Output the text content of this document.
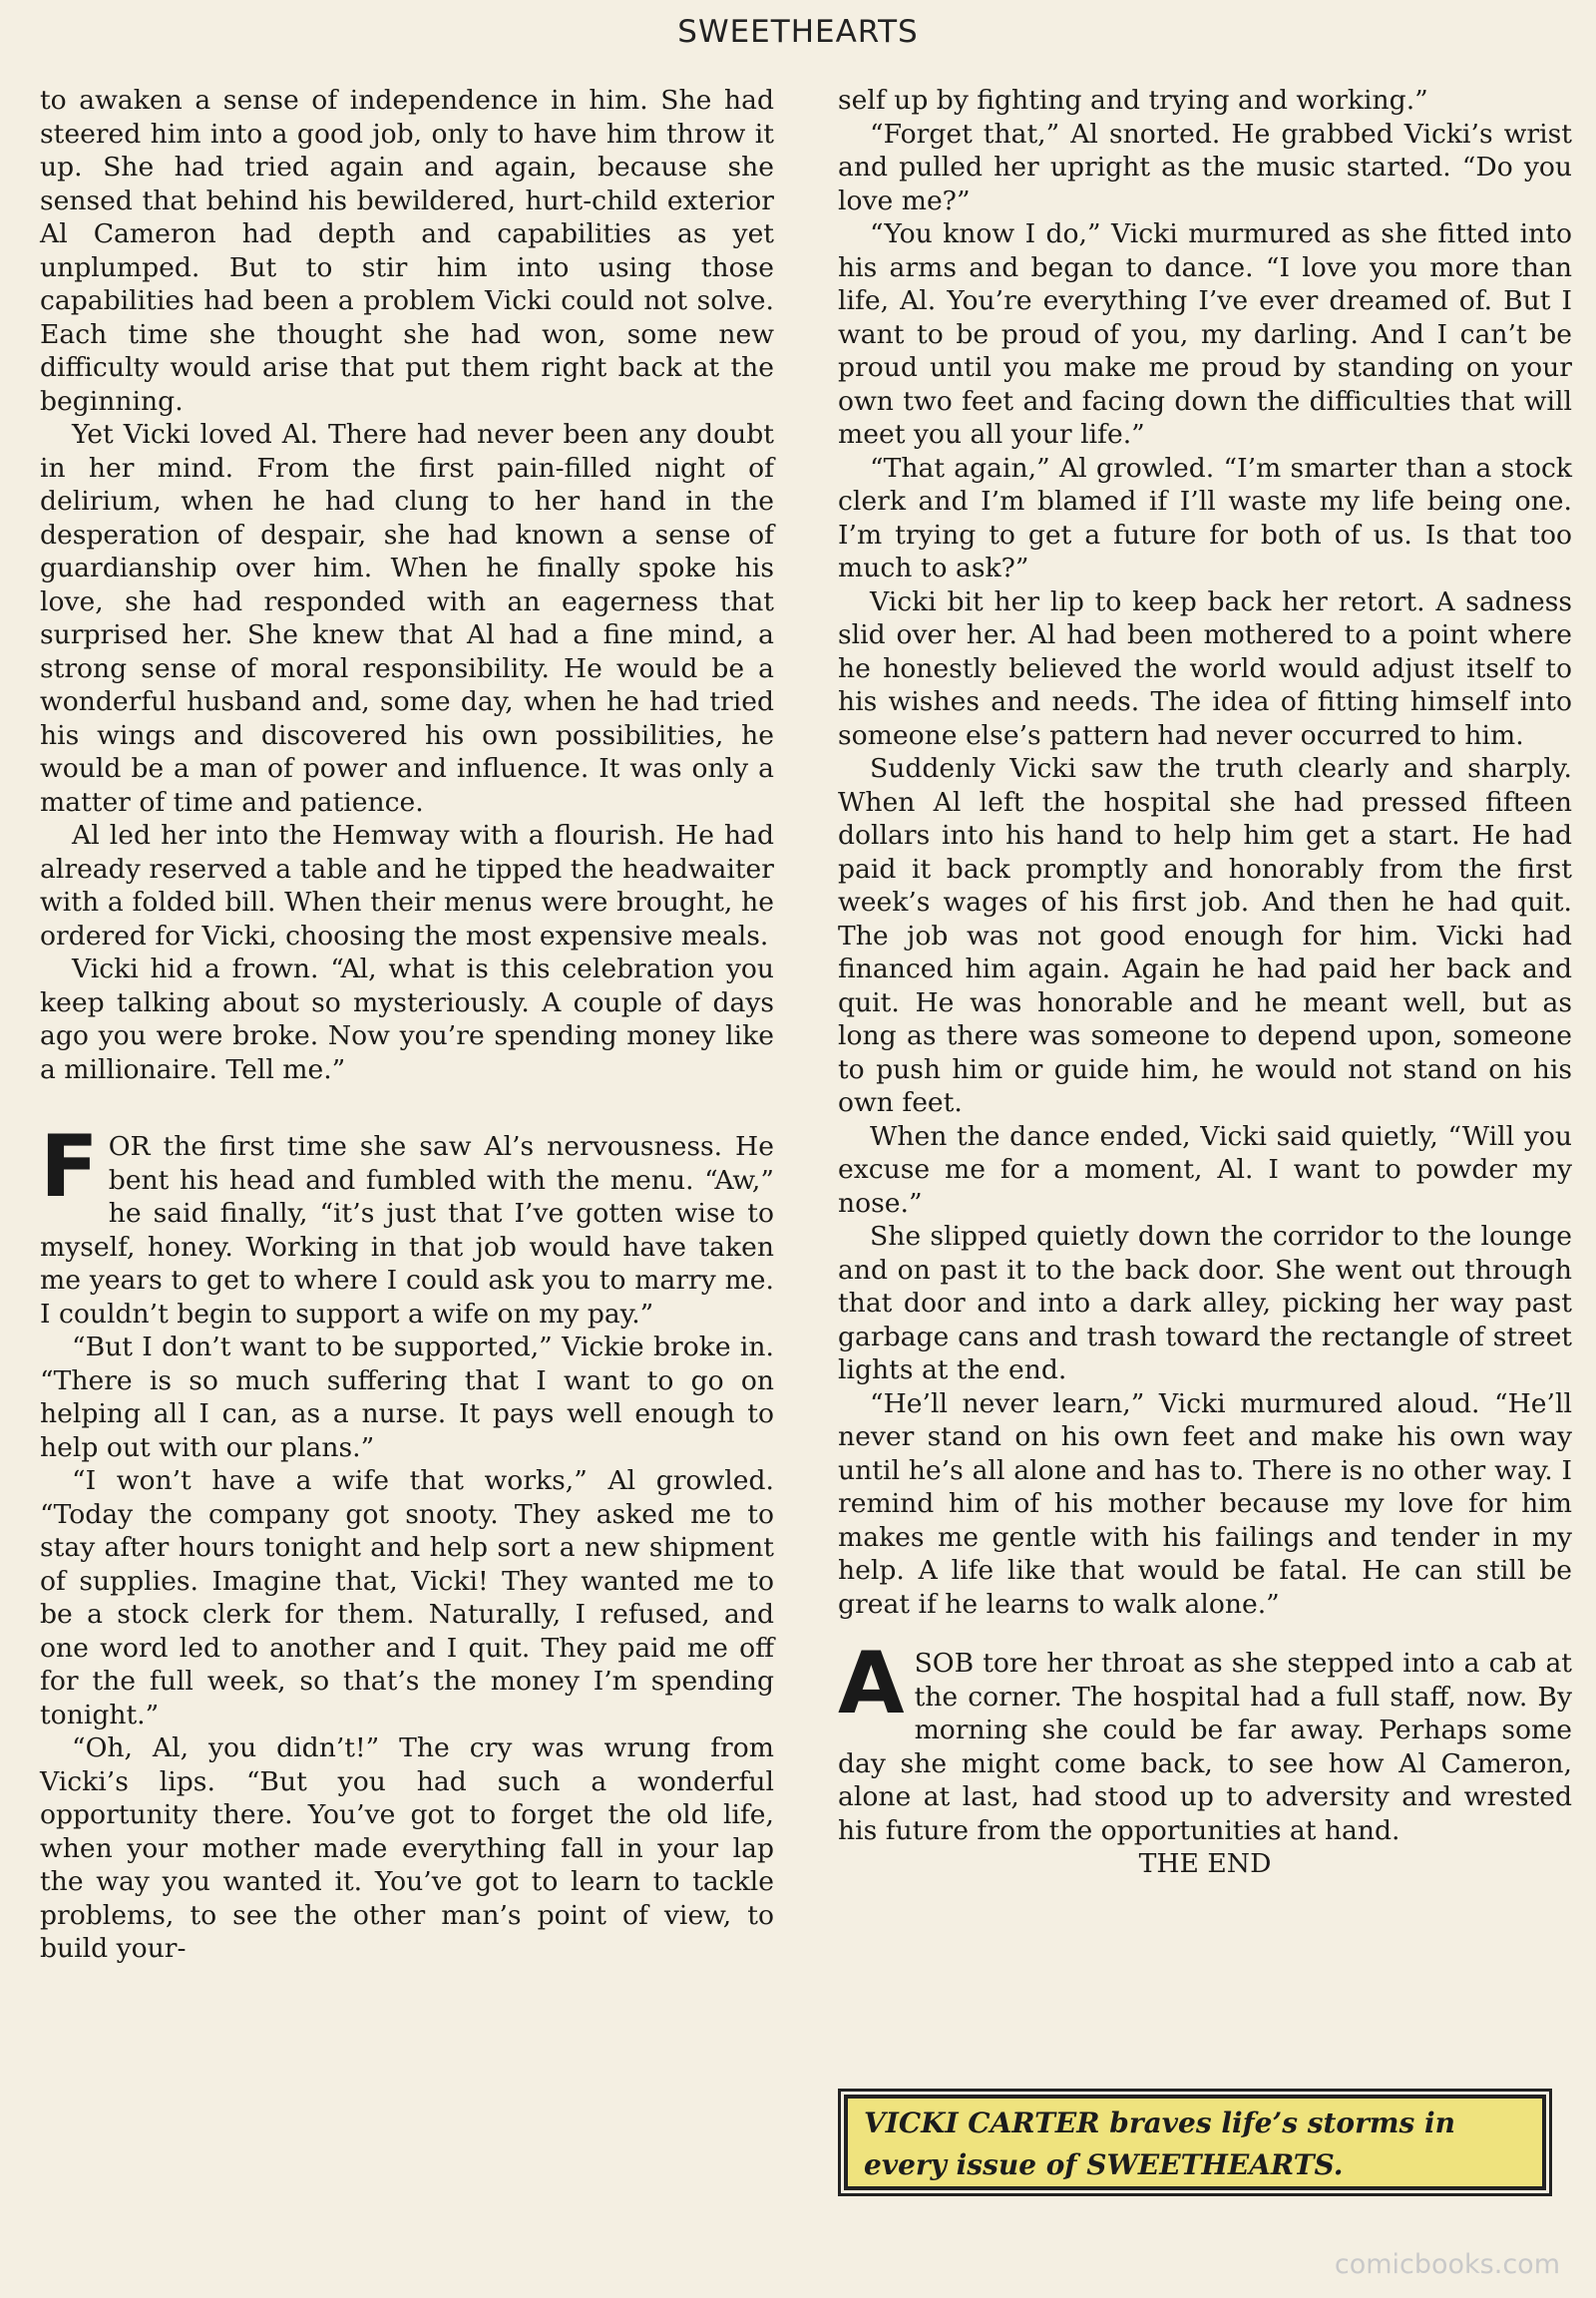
SWEETHEARTS

to awaken a sense of independence in him. She had steered him into a good job, only to have him throw it up. She had tried again and again, because she sensed that behind his bewildered, hurt-child exterior Al Cameron had depth and capabilities as yet unplumped. But to stir him into using those capabilities had been a problem Vicki could not solve. Each time she thought she had won, some new difficulty would arise that put them right back at the beginning.

Yet Vicki loved Al. There had never been any doubt in her mind. From the first pain-filled night of delirium, when he had clung to her hand in the desperation of despair, she had known a sense of guardianship over him. When he finally spoke his love, she had responded with an eagerness that surprised her. She knew that Al had a fine mind, a strong sense of moral responsibility. He would be a wonderful husband and, some day, when he had tried his wings and discovered his own possibilities, he would be a man of power and influence. It was only a matter of time and patience.

Al led her into the Hemway with a flourish. He had already reserved a table and he tipped the headwaiter with a folded bill. When their menus were brought, he ordered for Vicki, choosing the most expensive meals.

Vicki hid a frown. “Al, what is this celebration you keep talking about so mysteriously. A couple of days ago you were broke. Now you’re spending money like a millionaire. Tell me.”

FOR the first time she saw Al’s nervousness. He bent his head and fumbled with the menu. “Aw,” he said finally, “it’s just that I’ve gotten wise to myself, honey. Working in that job would have taken me years to get to where I could ask you to marry me. I couldn’t begin to support a wife on my pay.”

“But I don’t want to be supported,” Vickie broke in. “There is so much suffering that I want to go on helping all I can, as a nurse. It pays well enough to help out with our plans.”

“I won’t have a wife that works,” Al growled. “Today the company got snooty. They asked me to stay after hours tonight and help sort a new shipment of supplies. Imagine that, Vicki! They wanted me to be a stock clerk for them. Naturally, I refused, and one word led to another and I quit. They paid me off for the full week, so that’s the money I’m spending tonight.”

“Oh, Al, you didn’t!” The cry was wrung from Vicki’s lips. “But you had such a wonderful opportunity there. You’ve got to forget the old life, when your mother made everything fall in your lap the way you wanted it. You’ve got to learn to tackle problems, to see the other man’s point of view, to build your-

self up by fighting and trying and working.”

“Forget that,” Al snorted. He grabbed Vicki’s wrist and pulled her upright as the music started. “Do you love me?”

“You know I do,” Vicki murmured as she fitted into his arms and began to dance. “I love you more than life, Al. You’re everything I’ve ever dreamed of. But I want to be proud of you, my darling. And I can’t be proud until you make me proud by standing on your own two feet and facing down the difficulties that will meet you all your life.”

“That again,” Al growled. “I’m smarter than a stock clerk and I’m blamed if I’ll waste my life being one. I’m trying to get a future for both of us. Is that too much to ask?”

Vicki bit her lip to keep back her retort. A sadness slid over her. Al had been mothered to a point where he honestly believed the world would adjust itself to his wishes and needs. The idea of fitting himself into someone else’s pattern had never occurred to him.

Suddenly Vicki saw the truth clearly and sharply. When Al left the hospital she had pressed fifteen dollars into his hand to help him get a start. He had paid it back promptly and honorably from the first week’s wages of his first job. And then he had quit. The job was not good enough for him. Vicki had financed him again. Again he had paid her back and quit. He was honorable and he meant well, but as long as there was someone to depend upon, someone to push him or guide him, he would not stand on his own feet.

When the dance ended, Vicki said quietly, “Will you excuse me for a moment, Al. I want to powder my nose.”

She slipped quietly down the corridor to the lounge and on past it to the back door. She went out through that door and into a dark alley, picking her way past garbage cans and trash toward the rectangle of street lights at the end.

“He’ll never learn,” Vicki murmured aloud. “He’ll never stand on his own feet and make his own way until he’s all alone and has to. There is no other way. I remind him of his mother because my love for him makes me gentle with his failings and tender in my help. A life like that would be fatal. He can still be great if he learns to walk alone.”

ASOB tore her throat as she stepped into a cab at the corner. The hospital had a full staff, now. By morning she could be far away. Perhaps some day she might come back, to see how Al Cameron, alone at last, had stood up to adversity and wrested his future from the opportunities at hand.

THE END

VICKI CARTER braves life’s storms in every issue of SWEETHEARTS.
comicbooks.com
